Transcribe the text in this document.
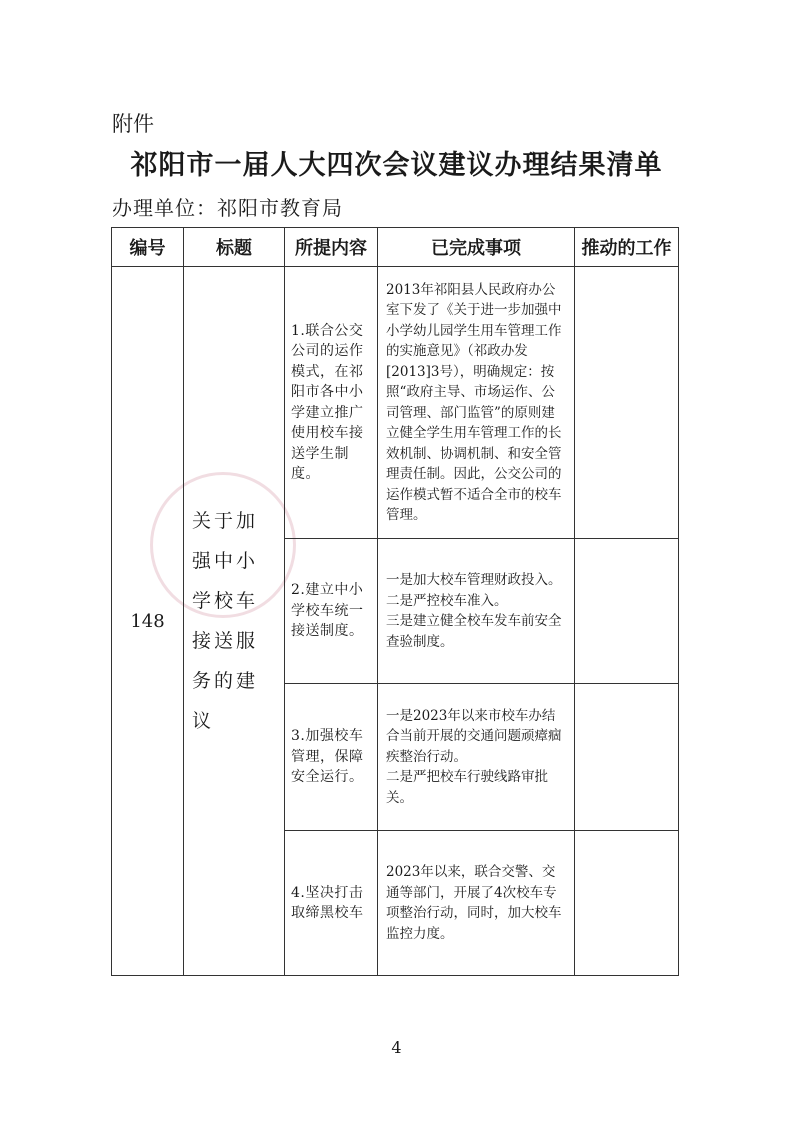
附件
祁阳市一届人大四次会议建议办理结果清单
办理单位：祁阳市教育局
编号	标题	所提内容	已完成事项	推动的工作
148	关于加强中小学校车接送服务的建议	1.联合公交公司的运作模式，在祁阳市各中小学建立推广使用校车接送学生制度。	2013年祁阳县人民政府办公室下发了《关于进一步加强中小学幼儿园学生用车管理工作的实施意见》（祁政办发[2013]3号），明确规定：按照“政府主导、市场运作、公司管理、部门监管”的原则建立健全学生用车管理工作的长效机制、协调机制、和安全管理责任制。因此，公交公司的运作模式暂不适合全市的校车管理。	
		2.建立中小学校车统一接送制度。	一是加大校车管理财政投入。
二是严控校车准入。
三是建立健全校车发车前安全查验制度。	
		3.加强校车管理，保障安全运行。	一是2023年以来市校车办结合当前开展的交通问题顽瘴痼疾整治行动。
二是严把校车行驶线路审批关。	
		4.坚决打击取缔黑校车	2023年以来，联合交警、交通等部门，开展了4次校车专项整治行动，同时，加大校车监控力度。	
4
